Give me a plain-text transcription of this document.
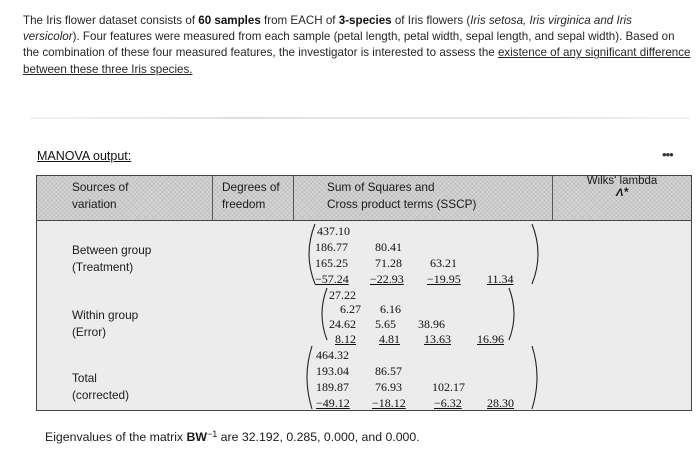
The Iris flower dataset consists of 60 samples from EACH of 3-species of Iris flowers (Iris setosa, Iris virginica and Iris versicolor). Four features were measured from each sample (petal length, petal width, sepal length, and sepal width). Based on the combination of these four measured features, the investigator is interested to assess the existence of any significant difference between these three Iris species.
MANOVA output:	•••
Sources of
variation
Degrees of
freedom
Sum of Squares and
Cross product terms (SSCP)
Wilks' lambda
Λ*
Between group
(Treatment)
Within group
(Error)
Total
(corrected)
437.10
186.77 80.41
165.25 71.28 63.21
−57.24 −22.93 −19.95 11.34
27.22
6.27 6.16
24.62 5.65 38.96
8.12 4.81 13.63 16.96
464.32
193.04 86.57
189.87 76.93	102.17
−49.12 −18.12 −6.32 28.30
Eigenvalues of the matrix $BW^{-1}$ are 32.192, 0.285, 0.000, and 0.000.
